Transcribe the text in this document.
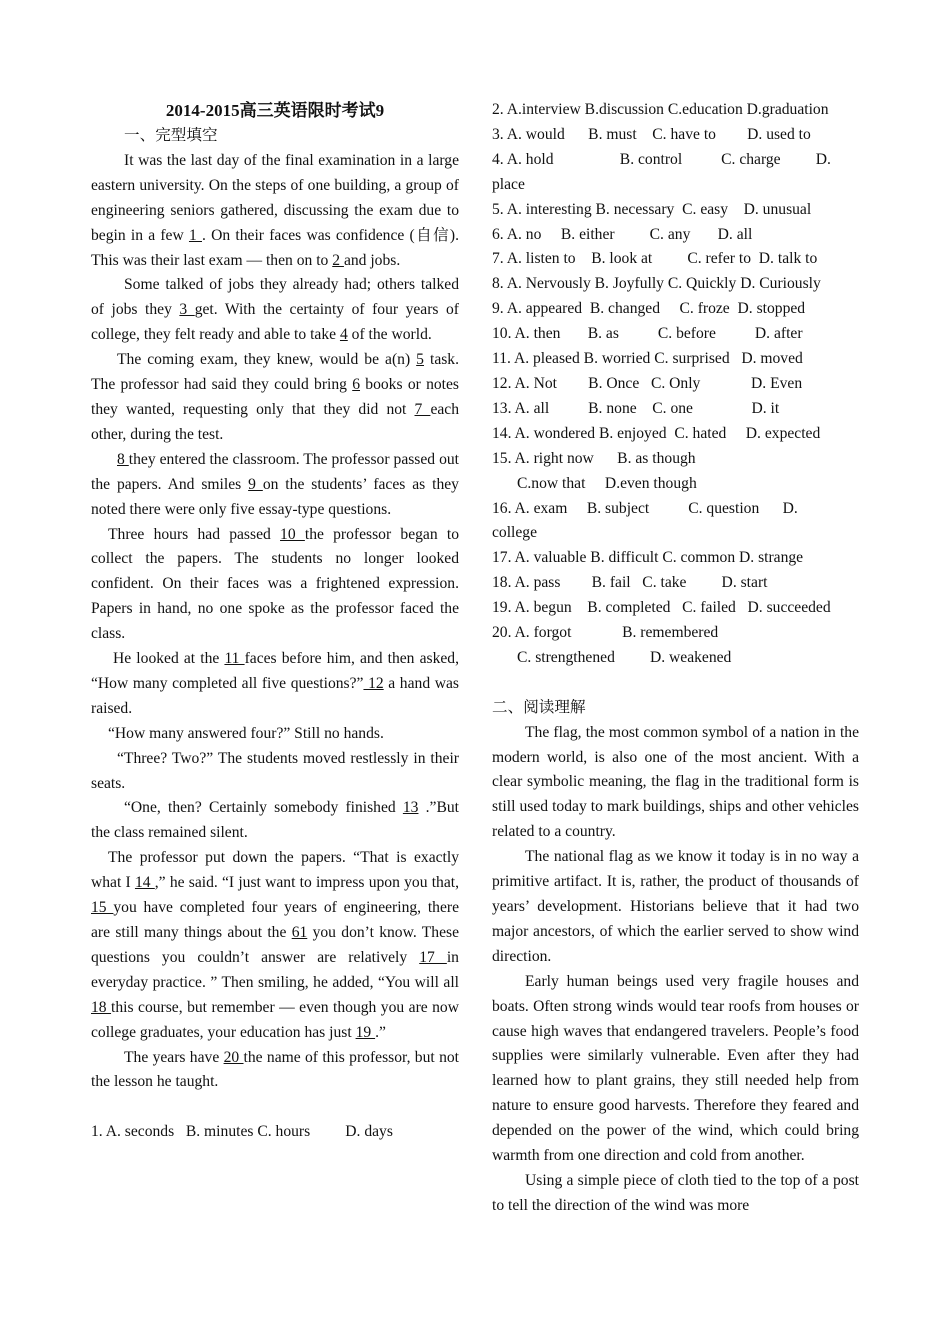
2014-2015高三英语限时考试9

一、完型填空

It was the last day of the final examination in a large eastern university. On the steps of one building, a group of engineering seniors gathered, discussing the exam due to begin in a few 1 . On their faces was confidence (自信). This was their last exam — then on to 2 and jobs.

Some talked of jobs they already had; others talked of jobs they 3 get. With the certainty of four years of college, they felt ready and able to take 4 of the world.

The coming exam, they knew, would be a(n) 5 task. The professor had said they could bring 6 books or notes they wanted, requesting only that they did not 7 each other, during the test.

8 they entered the classroom. The professor passed out the papers. And smiles 9 on the students’ faces as they noted there were only five essay-type questions.

Three hours had passed 10 the professor began to collect the papers. The students no longer looked confident. On their faces was a frightened expression. Papers in hand, no one spoke as the professor faced the class.

He looked at the 11 faces before him, and then asked, “How many completed all five questions?” 12 a hand was raised.

“How many answered four?” Still no hands.

“Three? Two?” The students moved restlessly in their seats.

“One, then? Certainly somebody finished 13 .”But the class remained silent.

The professor put down the papers. “That is exactly what I 14 ,” he said. “I just want to impress upon you that, 15 you have completed four years of engineering, there are still many things about the 61 you don’t know. These questions you couldn’t answer are relatively 17 in everyday practice. ” Then smiling, he added, “You will all 18 this course, but remember — even though you are now college graduates, your education has just 19 .”

The years have 20 the name of this professor, but not the lesson he taught.

1. A. seconds   B. minutes C. hours         D. days

2. A.interview B.discussion C.education D.graduation

3. A. would      B. must    C. have to        D. used to

4. A. hold                 B. control          C. charge         D.

place

5. A. interesting B. necessary  C. easy    D. unusual

6. A. no     B. either         C. any       D. all

7. A. listen to    B. look at         C. refer to  D. talk to

8. A. Nervously B. Joyfully C. Quickly D. Curiously

9. A. appeared  B. changed     C. froze  D. stopped

10. A. then       B. as          C. before          D. after

11. A. pleased B. worried C. surprised   D. moved

12. A. Not        B. Once   C. Only             D. Even

13. A. all          B. none    C. one               D. it

14. A. wondered B. enjoyed  C. hated     D. expected

15. A. right now      B. as though

C.now that     D.even though

16. A. exam     B. subject          C. question      D.

college

17. A. valuable B. difficult C. common D. strange

18. A. pass        B. fail   C. take         D. start

19. A. begun    B. completed   C. failed   D. succeeded

20. A. forgot             B. remembered

C. strengthened         D. weakened

二、阅读理解

The flag, the most common symbol of a nation in the modern world, is also one of the most ancient. With a clear symbolic meaning, the flag in the traditional form is still used today to mark buildings, ships and other vehicles related to a country.

The national flag as we know it today is in no way a primitive artifact. It is, rather, the product of thousands of years’ development. Historians believe that it had two major ancestors, of which the earlier served to show wind direction.

Early human beings used very fragile houses and boats. Often strong winds would tear roofs from houses or cause high waves that endangered travelers. People’s food supplies were similarly vulnerable. Even after they had learned how to plant grains, they still needed help from nature to ensure good harvests. Therefore they feared and depended on the power of the wind, which could bring warmth from one direction and cold from another.

Using a simple piece of cloth tied to the top of a post to tell the direction of the wind was more
